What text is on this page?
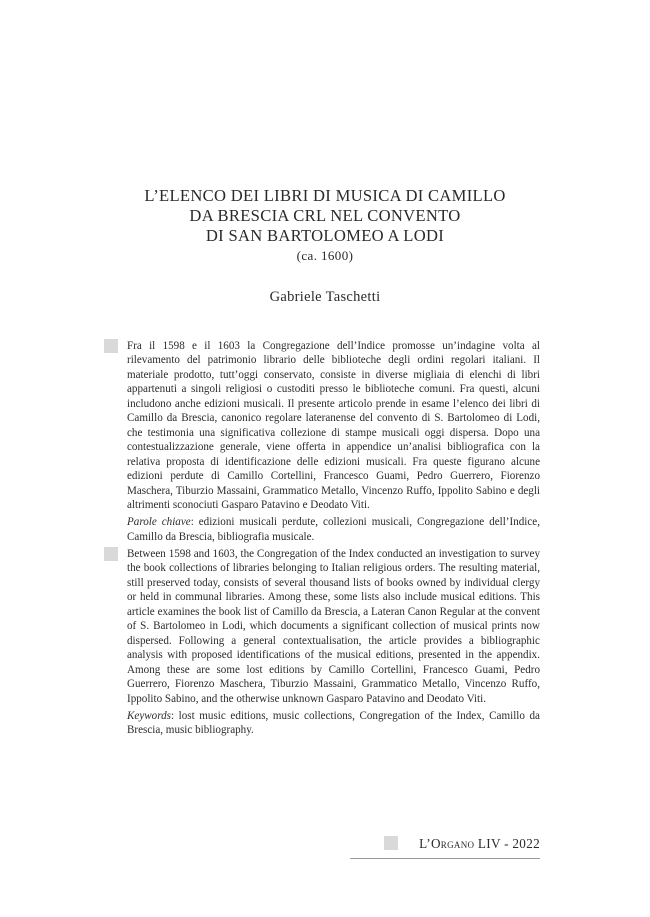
L’ELENCO DEI LIBRI DI MUSICA DI CAMILLO
DA BRESCIA CRL NEL CONVENTO
DI SAN BARTOLOMEO A LODI
(ca. 1600)
Gabriele Taschetti

Fra il 1598 e il 1603 la Congregazione dell’Indice promosse un’indagine volta al rilevamento del patrimonio librario delle biblioteche degli ordini regolari italiani. Il materiale prodotto, tutt’oggi conservato, consiste in diverse migliaia di elenchi di libri appartenuti a singoli religiosi o custoditi presso le biblioteche comuni. Fra questi, alcuni includono anche edizioni musicali. Il presente articolo prende in esame l’elenco dei libri di Camillo da Brescia, canonico regolare lateranense del convento di S. Bartolomeo di Lodi, che testimonia una significativa collezione di stampe musicali oggi dispersa. Dopo una contestualizzazione generale, viene offerta in appendice un’analisi bibliografica con la relativa proposta di identificazione delle edizioni musicali. Fra queste figurano alcune edizioni perdute di Camillo Cortellini, Francesco Guami, Pedro Guerrero, Fiorenzo Maschera, Tiburzio Massaini, Grammatico Metallo, Vincenzo Ruffo, Ippolito Sabino e degli altrimenti sconociuti Gasparo Patavino e Deodato Viti.

Parole chiave: edizioni musicali perdute, collezioni musicali, Congregazione dell’Indice, Camillo da Brescia, bibliografia musicale.

Between 1598 and 1603, the Congregation of the Index conducted an investigation to survey the book collections of libraries belonging to Italian religious orders. The resulting material, still preserved today, consists of several thousand lists of books owned by individual clergy or held in communal libraries. Among these, some lists also include musical editions. This article examines the book list of Camillo da Brescia, a Lateran Canon Regular at the convent of S. Bartolomeo in Lodi, which documents a significant collection of musical prints now dispersed. Following a general contextualisation, the article provides a bibliographic analysis with proposed identifications of the musical editions, presented in the appendix. Among these are some lost editions by Camillo Cortellini, Francesco Guami, Pedro Guerrero, Fiorenzo Maschera, Tiburzio Massaini, Grammatico Metallo, Vincenzo Ruffo, Ippolito Sabino, and the otherwise unknown Gasparo Patavino and Deodato Viti.

Keywords: lost music editions, music collections, Congregation of the Index, Camillo da Brescia, music bibliography.

L’Organo LIV - 2022
